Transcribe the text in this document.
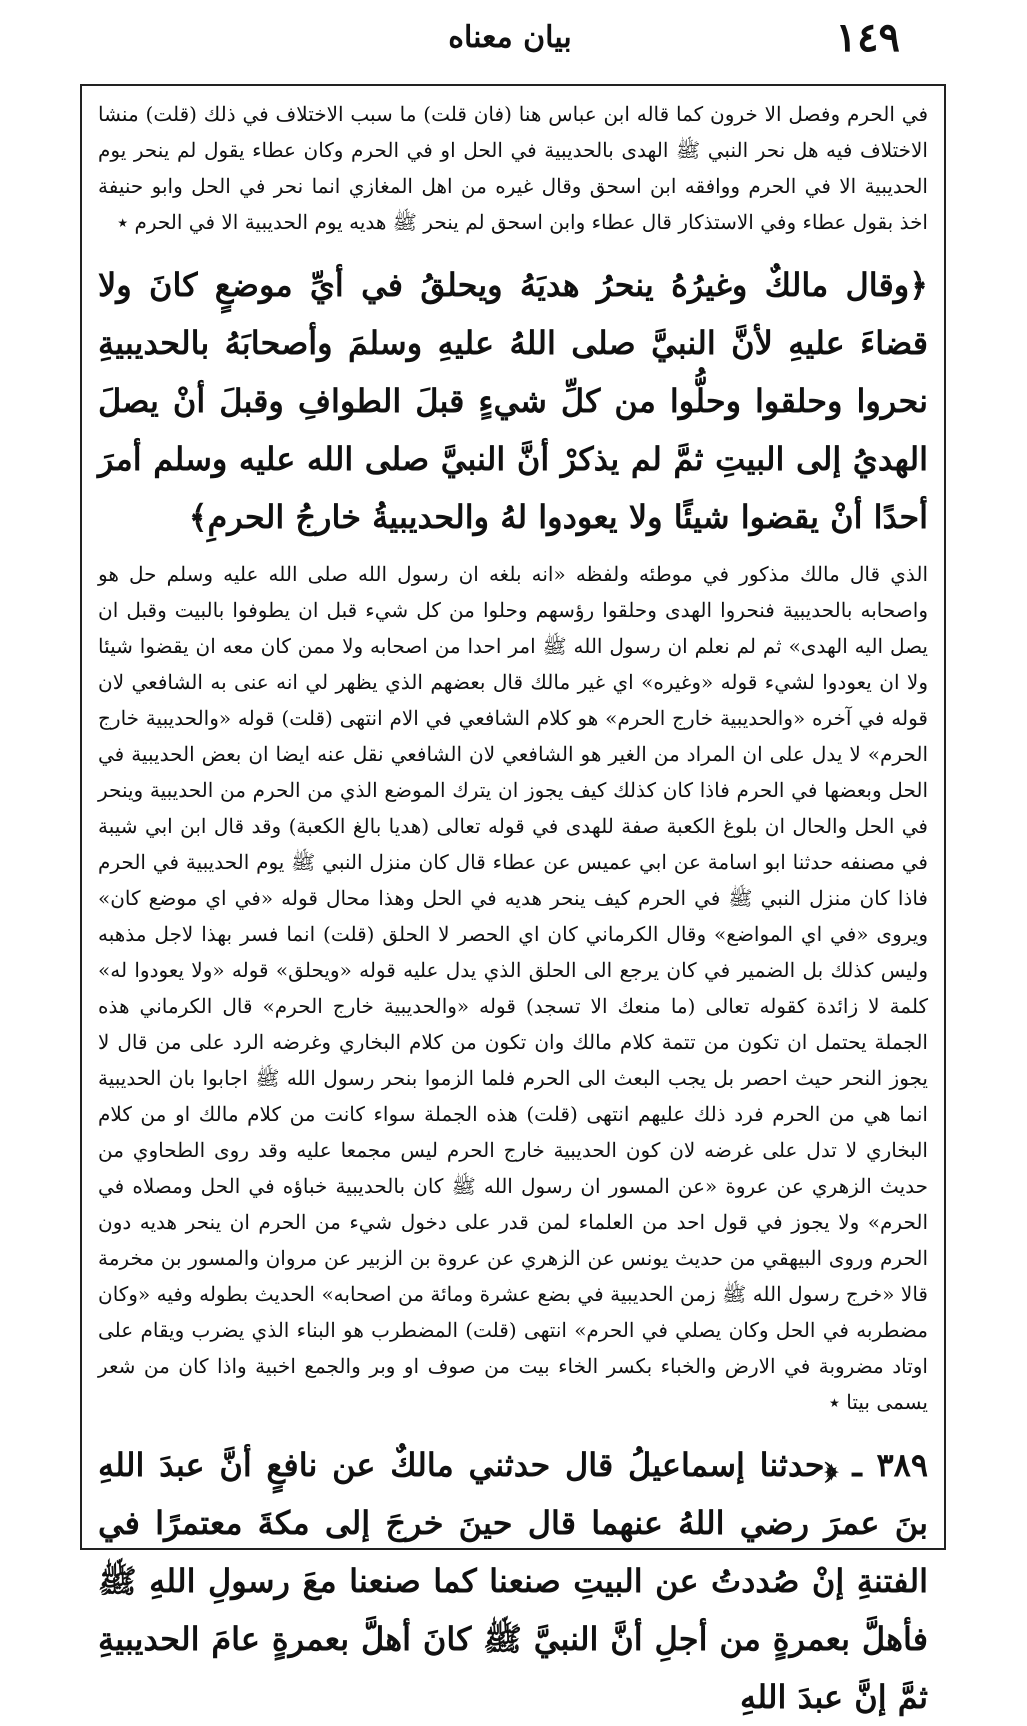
١٤٩
بيان معناه

في الحرم وفصل الا خرون كما قاله ابن عباس هنا (فان قلت) ما سبب الاختلاف في ذلك (قلت) منشا الاختلاف فيه هل نحر النبي ﷺ الهدى بالحديبية في الحل او في الحرم وكان عطاء يقول لم ينحر يوم الحديبية الا في الحرم ووافقه ابن اسحق وقال غيره من اهل المغازي انما نحر في الحل وابو حنيفة اخذ بقول عطاء وفي الاستذكار قال عطاء وابن اسحق لم ينحر ﷺ هديه يوم الحديبية الا في الحرم ٭

﴿وقال مالكٌ وغيرُهُ ينحرُ هديَهُ ويحلقُ في أيِّ موضعٍ كانَ ولا قضاءَ عليهِ لأنَّ النبيَّ صلى اللهُ عليهِ وسلمَ وأصحابَهُ بالحديبيةِ نحروا وحلقوا وحلُّوا من كلِّ شيءٍ قبلَ الطوافِ وقبلَ أنْ يصلَ الهديُ إلى البيتِ ثمَّ لم يذكرْ أنَّ النبيَّ صلى الله عليه وسلم أمرَ أحدًا أنْ يقضوا شيئًا ولا يعودوا لهُ والحديبيةُ خارجُ الحرمِ﴾

الذي قال مالك مذكور في موطئه ولفظه «انه بلغه ان رسول الله صلى الله عليه وسلم حل هو واصحابه بالحديبية فنحروا الهدى وحلقوا رؤسهم وحلوا من كل شيء قبل ان يطوفوا بالبيت وقبل ان يصل اليه الهدى» ثم لم نعلم ان رسول الله ﷺ امر احدا من اصحابه ولا ممن كان معه ان يقضوا شيئا ولا ان يعودوا لشيء قوله «وغيره» اي غير مالك قال بعضهم الذي يظهر لي انه عنى به الشافعي لان قوله في آخره «والحديبية خارج الحرم» هو كلام الشافعي في الام انتهى (قلت) قوله «والحديبية خارج الحرم» لا يدل على ان المراد من الغير هو الشافعي لان الشافعي نقل عنه ايضا ان بعض الحديبية في الحل وبعضها في الحرم فاذا كان كذلك كيف يجوز ان يترك الموضع الذي من الحرم من الحديبية وينحر في الحل والحال ان بلوغ الكعبة صفة للهدى في قوله تعالى (هديا بالغ الكعبة) وقد قال ابن ابي شيبة في مصنفه حدثنا ابو اسامة عن ابي عميس عن عطاء قال كان منزل النبي ﷺ يوم الحديبية في الحرم فاذا كان منزل النبي ﷺ في الحرم كيف ينحر هديه في الحل وهذا محال قوله «في اي موضع كان» ويروى «في اي المواضع» وقال الكرماني كان اي الحصر لا الحلق (قلت) انما فسر بهذا لاجل مذهبه وليس كذلك بل الضمير في كان يرجع الى الحلق الذي يدل عليه قوله «ويحلق» قوله «ولا يعودوا له» كلمة لا زائدة كقوله تعالى (ما منعك الا تسجد) قوله «والحديبية خارج الحرم» قال الكرماني هذه الجملة يحتمل ان تكون من تتمة كلام مالك وان تكون من كلام البخاري وغرضه الرد على من قال لا يجوز النحر حيث احصر بل يجب البعث الى الحرم فلما الزموا بنحر رسول الله ﷺ اجابوا بان الحديبية انما هي من الحرم فرد ذلك عليهم انتهى (قلت) هذه الجملة سواء كانت من كلام مالك او من كلام البخاري لا تدل على غرضه لان كون الحديبية خارج الحرم ليس مجمعا عليه وقد روى الطحاوي من حديث الزهري عن عروة «عن المسور ان رسول الله ﷺ كان بالحديبية خباؤه في الحل ومصلاه في الحرم» ولا يجوز في قول احد من العلماء لمن قدر على دخول شيء من الحرم ان ينحر هديه دون الحرم وروى البيهقي من حديث يونس عن الزهري عن عروة بن الزبير عن مروان والمسور بن مخرمة قالا «خرج رسول الله ﷺ زمن الحديبية في بضع عشرة ومائة من اصحابه» الحديث بطوله وفيه «وكان مضطربه في الحل وكان يصلي في الحرم» انتهى (قلت) المضطرب هو البناء الذي يضرب ويقام على اوتاد مضروبة في الارض والخباء بكسر الخاء بيت من صوف او وبر والجمع اخبية واذا كان من شعر يسمى بيتا ٭

٣٨٩ ـ ﴿حدثنا إسماعيلُ قال حدثني مالكٌ عن نافعٍ أنَّ عبدَ اللهِ بنَ عمرَ رضي اللهُ عنهما قال حينَ خرجَ إلى مكةَ معتمرًا في الفتنةِ إنْ صُددتُ عن البيتِ صنعنا كما صنعنا معَ رسولِ اللهِ ﷺ فأهلَّ بعمرةٍ من أجلِ أنَّ النبيَّ ﷺ كانَ أهلَّ بعمرةٍ عامَ الحديبيةِ ثمَّ إنَّ عبدَ اللهِ
